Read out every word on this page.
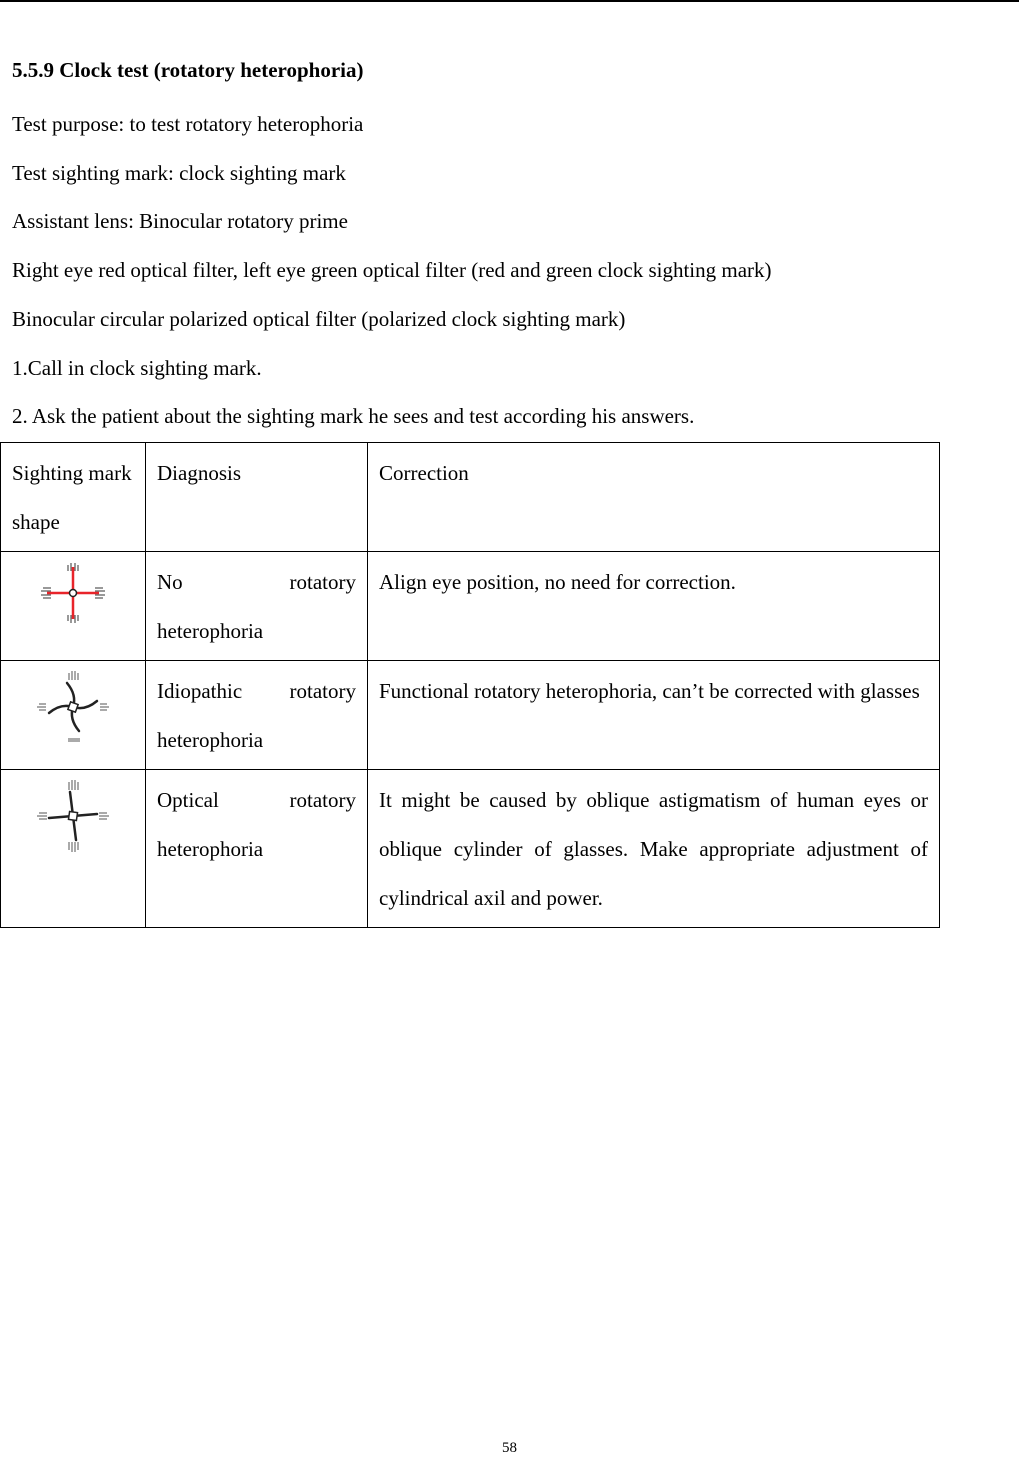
5.5.9 Clock test (rotatory heterophoria)
Test purpose: to test rotatory heterophoria
Test sighting mark: clock sighting mark
Assistant lens: Binocular rotatory prime
Right eye red optical filter, left eye green optical filter (red and green clock sighting mark)
Binocular circular polarized optical filter (polarized clock sighting mark)
1.Call in clock sighting mark.
2. Ask the patient about the sighting mark he sees and test according his answers.
Sighting mark shape	Diagnosis	Correction

	No rotatory heterophoria	Align eye position, no need for correction.

	Idiopathic rotatory heterophoria	Functional rotatory heterophoria, can’t be corrected with glasses

	Optical rotatory heterophoria	It might be caused by oblique astigmatism of human eyes or oblique cylinder of glasses. Make appropriate adjustment of cylindrical axil and power.
58
